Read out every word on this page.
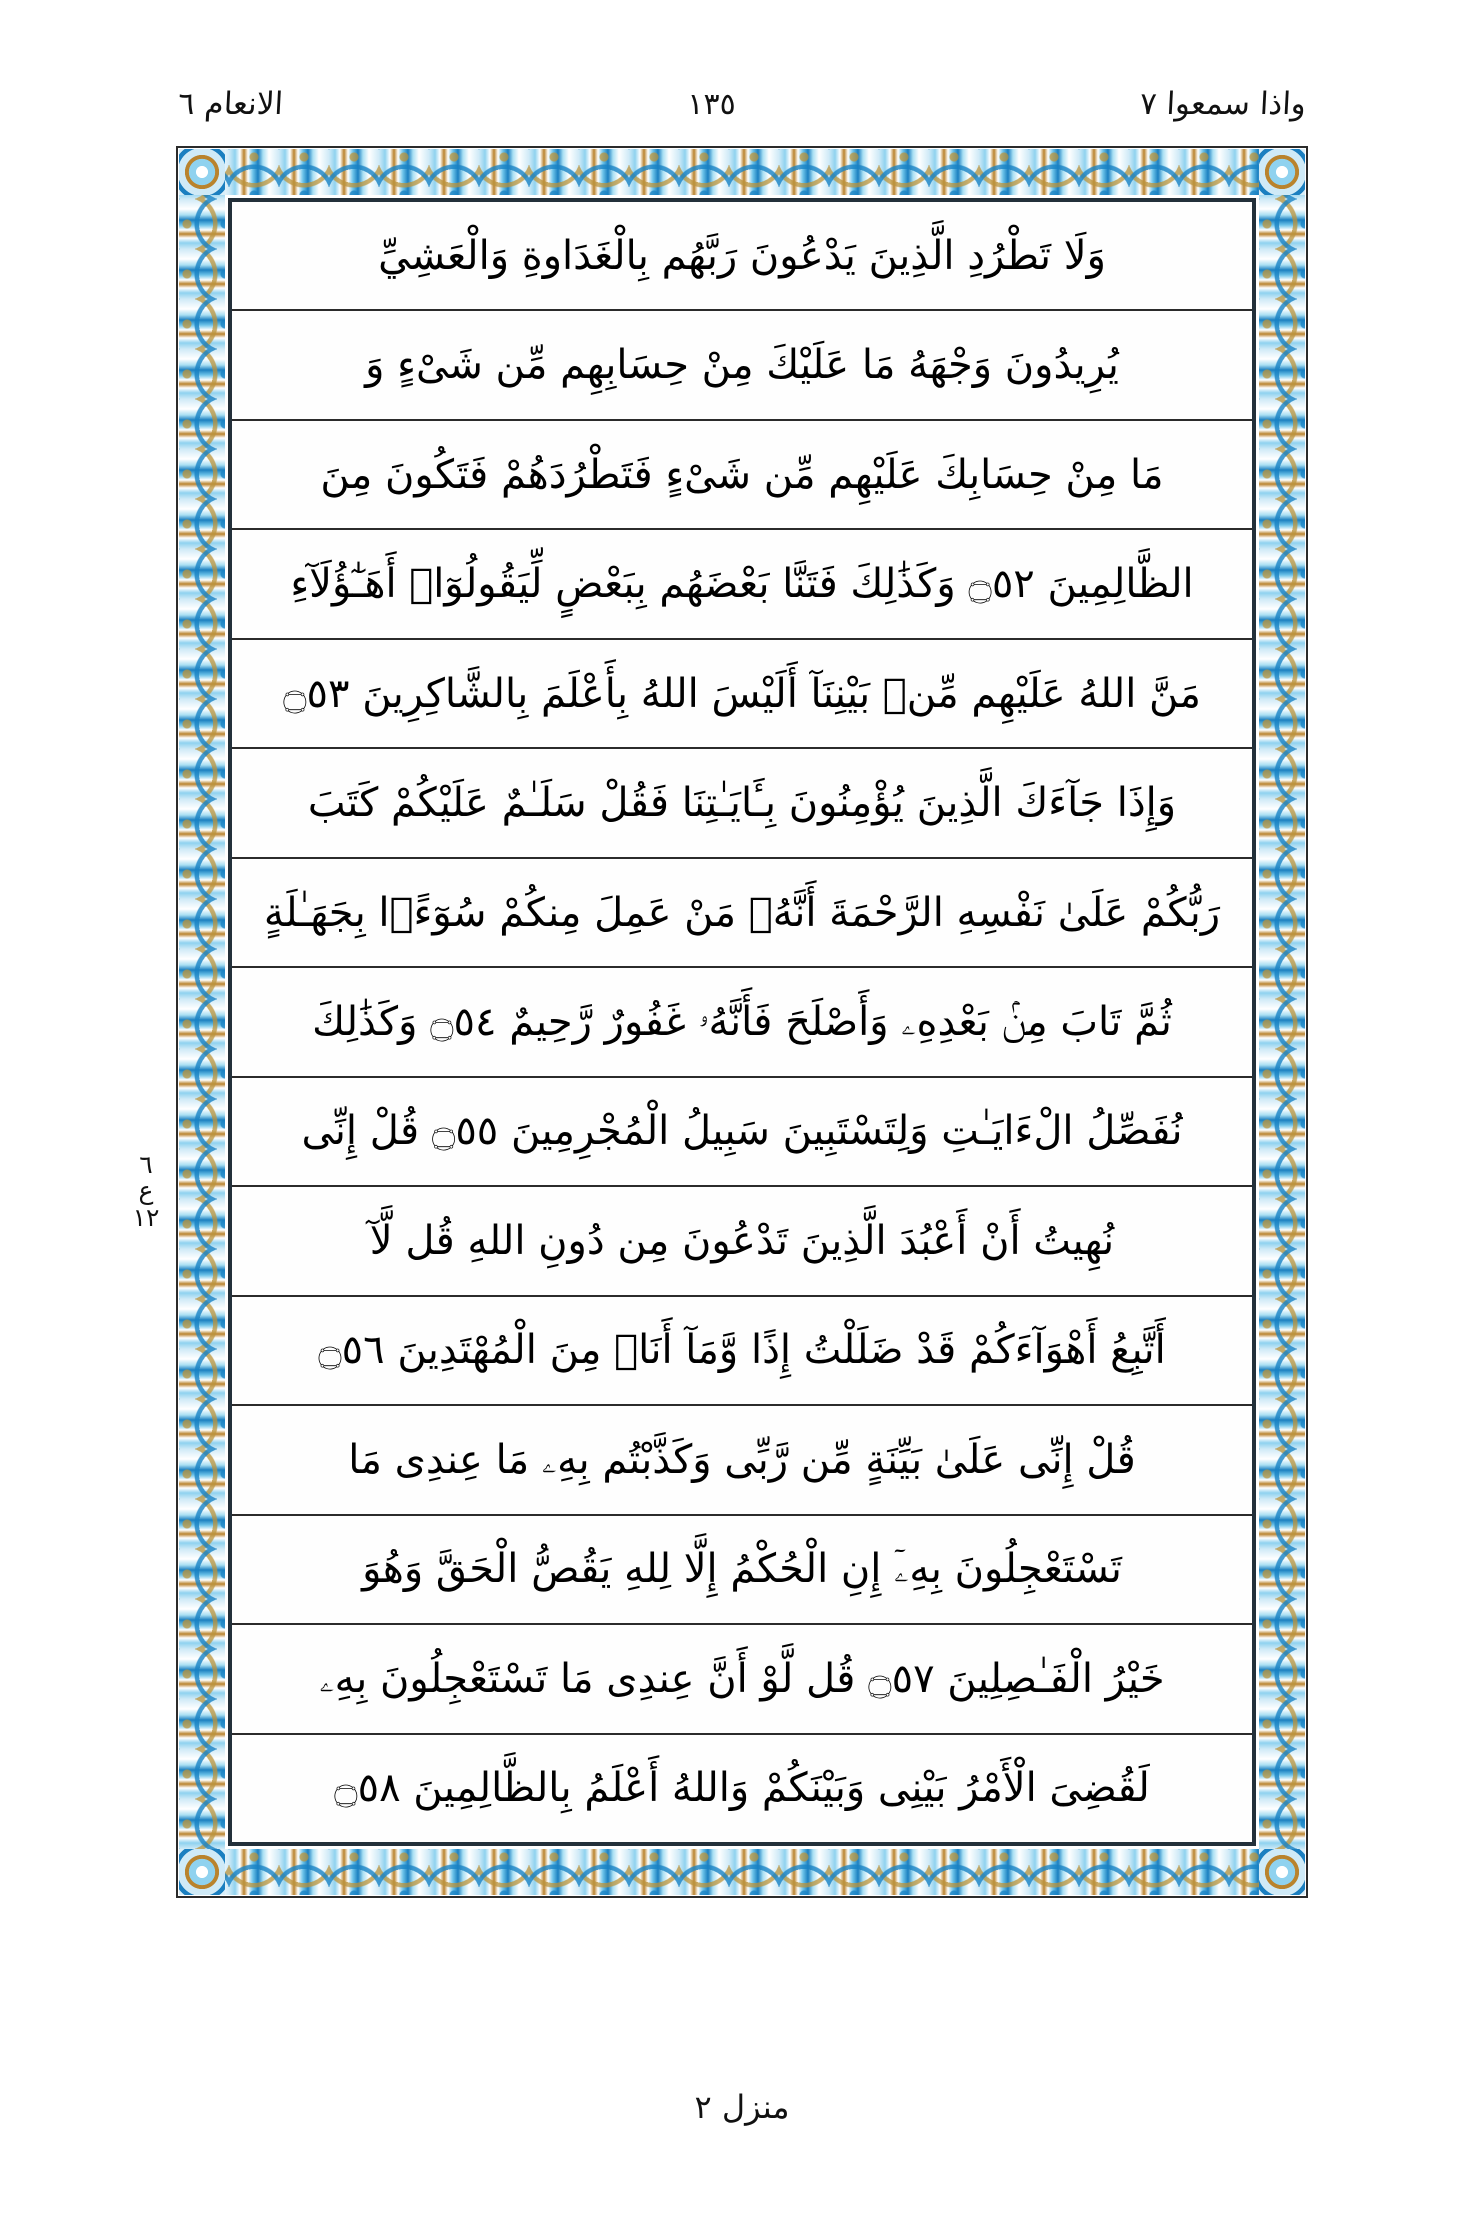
الانعام ٦	١٣٥	واذا سمعوا ٧
وَلَا تَطْرُدِ الَّذِينَ يَدْعُونَ رَبَّهُم بِالْغَدَاوةِ وَالْعَشِيِّ
يُرِيدُونَ وَجْهَهُ مَا عَلَيْكَ مِنْ حِسَابِهِم مِّن شَىْءٍ وَ
مَا مِنْ حِسَابِكَ عَلَيْهِم مِّن شَىْءٍ فَتَطْرُدَهُمْ فَتَكُونَ مِنَ
الظَّالِمِينَ ۝٥٢ وَكَذَٰلِكَ فَتَنَّا بَعْضَهُم بِبَعْضٍ لِّيَقُولُوٓا۟ أَهَـٰٓؤُلَآءِ
مَنَّ اللهُ عَلَيْهِم مِّنۢ بَيْنِنَآ أَلَيْسَ اللهُ بِأَعْلَمَ بِالشَّاكِرِينَ ۝٥٣
وَإِذَا جَآءَكَ الَّذِينَ يُؤْمِنُونَ بِـَٔايَـٰتِنَا فَقُلْ سَلَـٰمٌ عَلَيْكُمْ كَتَبَ
رَبُّكُمْ عَلَىٰ نَفْسِهِ الرَّحْمَةَ أَنَّهُۥ مَنْ عَمِلَ مِنكُمْ سُوٓءًۢا بِجَهَـٰلَةٍ
ثُمَّ تَابَ مِنۢ بَعْدِهِۦ وَأَصْلَحَ فَأَنَّهُۥ غَفُورٌ رَّحِيمٌ ۝٥٤ وَكَذَٰلِكَ
نُفَصِّلُ الْءَايَـٰتِ وَلِتَسْتَبِينَ سَبِيلُ الْمُجْرِمِينَ ۝٥٥ قُلْ إِنِّى
نُهِيتُ أَنْ أَعْبُدَ الَّذِينَ تَدْعُونَ مِن دُونِ اللهِ قُل لَّآ
أَتَّبِعُ أَهْوَآءَكُمْ قَدْ ضَلَلْتُ إِذًا وَّمَآ أَنَا۠ مِنَ الْمُهْتَدِينَ ۝٥٦
قُلْ إِنِّى عَلَىٰ بَيِّنَةٍ مِّن رَّبِّى وَكَذَّبْتُم بِهِۦ مَا عِندِى مَا
تَسْتَعْجِلُونَ بِهِۦٓ إِنِ الْحُكْمُ إِلَّا لِلهِ يَقُصُّ الْحَقَّ وَهُوَ
خَيْرُ الْفَـٰصِلِينَ ۝٥٧ قُل لَّوْ أَنَّ عِندِى مَا تَسْتَعْجِلُونَ بِهِۦ
لَقُضِىَ الْأَمْرُ بَيْنِى وَبَيْنَكُمْ وَاللهُ أَعْلَمُ بِالظَّالِمِينَ ۝٥٨
٦
ع
١٢
منزل ٢
